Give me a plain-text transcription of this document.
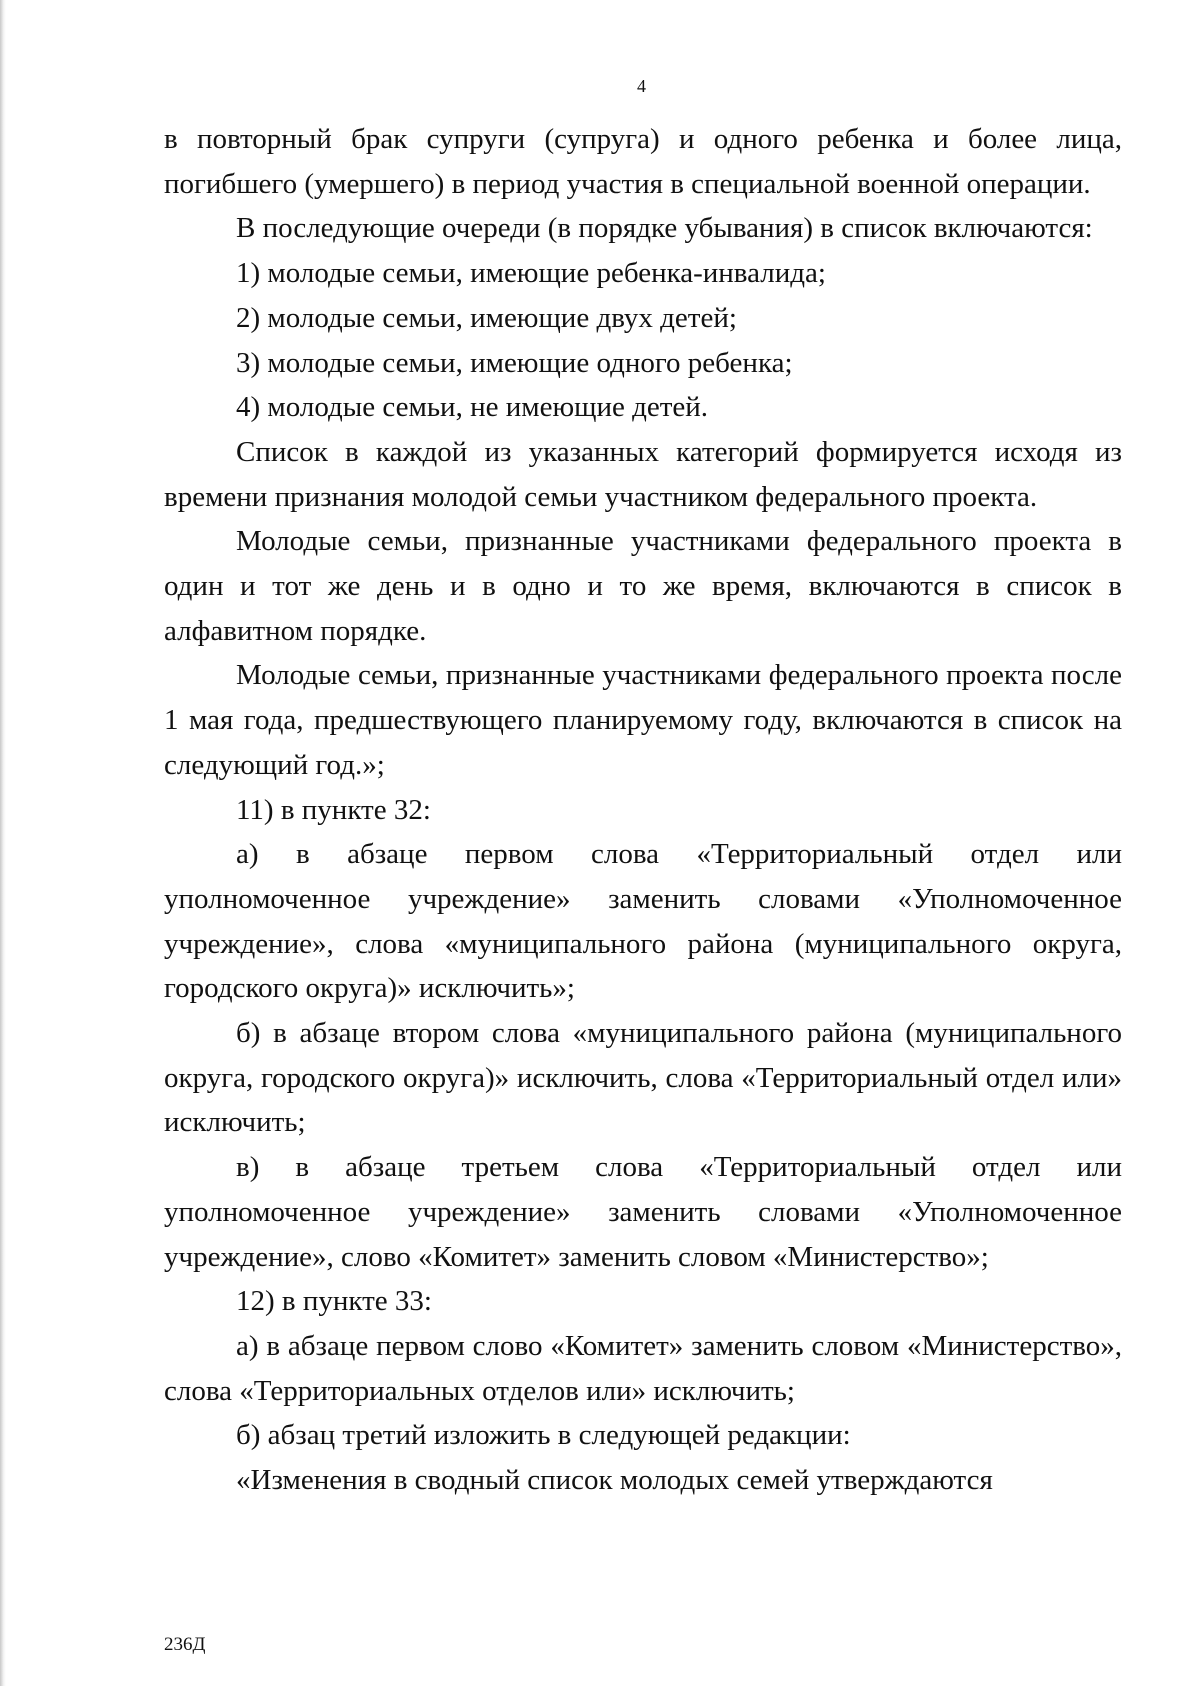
4

в повторный брак супруги (супруга) и одного ребенка и более лица, погибшего (умершего) в период участия в специальной военной операции.

В последующие очереди (в порядке убывания) в список включаются:

1) молодые семьи, имеющие ребенка-инвалида;

2) молодые семьи, имеющие двух детей;

3) молодые семьи, имеющие одного ребенка;

4) молодые семьи, не имеющие детей.

Список в каждой из указанных категорий формируется исходя из времени признания молодой семьи участником федерального проекта.

Молодые семьи, признанные участниками федерального проекта в один и тот же день и в одно и то же время, включаются в список в алфавитном порядке.

Молодые семьи, признанные участниками федерального проекта после 1 мая года, предшествующего планируемому году, включаются в список на следующий год.»;

11) в пункте 32:

а) в абзаце первом слова «Территориальный отдел или уполномоченное учреждение» заменить словами «Уполномоченное учреждение», слова «муниципального района (муниципального округа, городского округа)» исключить»;

б) в абзаце втором слова «муниципального района (муниципального округа, городского округа)» исключить, слова «Территориальный отдел или» исключить;

в) в абзаце третьем слова «Территориальный отдел или уполномоченное учреждение» заменить словами «Уполномоченное учреждение», слово «Комитет» заменить словом «Министерство»;

12) в пункте 33:

а) в абзаце первом слово «Комитет» заменить словом «Министерство», слова «Территориальных отделов или» исключить;

б) абзац третий изложить в следующей редакции:

«Изменения в сводный список молодых семей утверждаются

236Д
